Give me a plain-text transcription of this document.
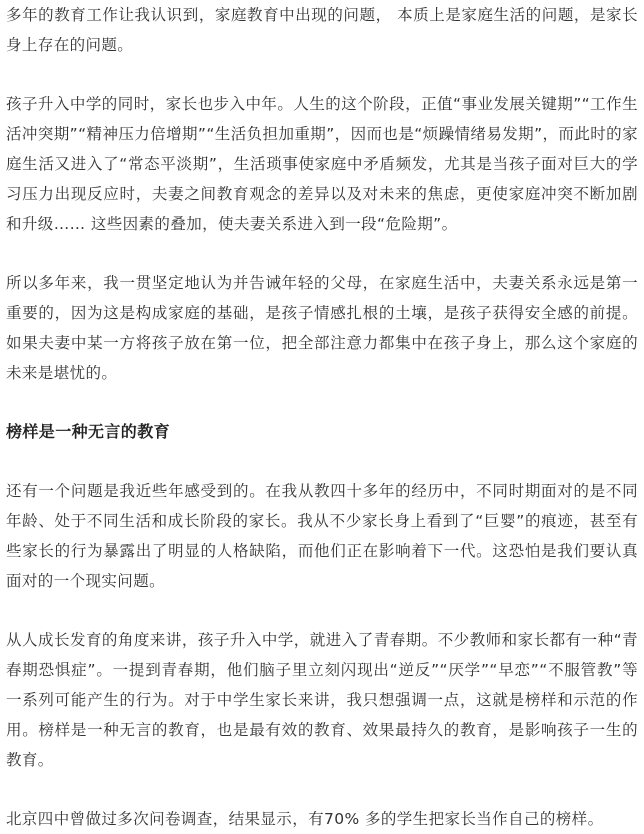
多年的教育工作让我认识到，家庭教育中出现的问题， 本质上是家庭生活的问题，是家长身上存在的问题。

孩子升入中学的同时，家长也步入中年。人生的这个阶段，正值“事业发展关键期”“工作生活冲突期”“精神压力倍增期”“生活负担加重期”，因而也是“烦躁情绪易发期”，而此时的家庭生活又进入了“常态平淡期”，生活琐事使家庭中矛盾频发，尤其是当孩子面对巨大的学习压力出现反应时，夫妻之间教育观念的差异以及对未来的焦虑，更使家庭冲突不断加剧和升级…… 这些因素的叠加，使夫妻关系进入到一段“危险期”。

所以多年来，我一贯坚定地认为并告诫年轻的父母，在家庭生活中，夫妻关系永远是第一重要的，因为这是构成家庭的基础，是孩子情感扎根的土壤，是孩子获得安全感的前提。如果夫妻中某一方将孩子放在第一位，把全部注意力都集中在孩子身上，那么这个家庭的未来是堪忧的。

榜样是一种无言的教育

还有一个问题是我近些年感受到的。在我从教四十多年的经历中，不同时期面对的是不同年龄、处于不同生活和成长阶段的家长。我从不少家长身上看到了“巨婴”的痕迹，甚至有些家长的行为暴露出了明显的人格缺陷，而他们正在影响着下一代。这恐怕是我们要认真面对的一个现实问题。

从人成长发育的角度来讲，孩子升入中学，就进入了青春期。不少教师和家长都有一种“青春期恐惧症”。一提到青春期，他们脑子里立刻闪现出“逆反”“厌学”“早恋”“不服管教”等一系列可能产生的行为。对于中学生家长来讲，我只想强调一点，这就是榜样和示范的作用。榜样是一种无言的教育，也是最有效的教育、效果最持久的教育，是影响孩子一生的教育。

北京四中曾做过多次问卷调查，结果显示，有70% 多的学生把家长当作自己的榜样。
